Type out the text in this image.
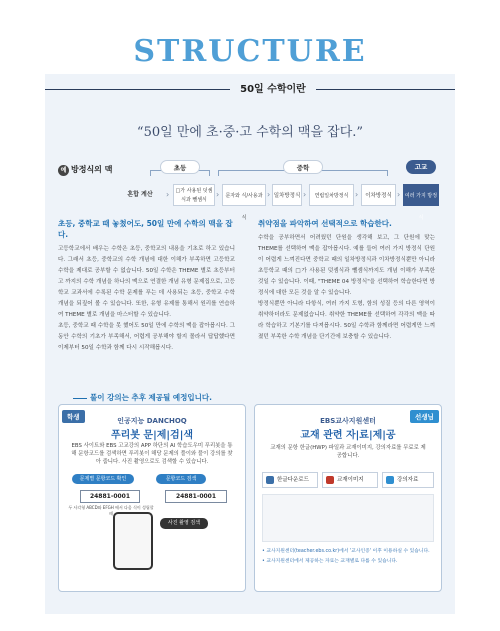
STRUCTURE
50일 수학이란
“50일 만에 초·중·고 수학의 맥을 잡다.”
예 방정식의 맥	초등	중학	고교
혼합 계산	›	□가 사용된 덧셈식과 뺄셈식
›	문자와 식/사용과 식
› 일차방정식 ›	연립일차방정식 ›	이차방정식 › 여러 가지 방정식
초등, 중학교 때 놓쳤어도, 50일 만에 수학의 맥을 잡다.

고등학교에서 배우는 수학은 초등, 중학교의 내용을 기초로 하고 있습니다. 그래서 초등, 중학교의 수학 개념에 대한 이해가 부족하면 고등학교 수학을 제대로 공부할 수 없습니다. 50일 수학은 THEME 별로 초등부터 고 까지의 수학 개념을 하나의 맥으로 연결한 개념 유형 문제집으로, 고등학교 교과서에 수록된 수학 문제를 푸는 데 사용되는 초등, 중학교 수학 개념을 되짚어 볼 수 있습니다. 또한, 유형 유제를 통해서 원리를 연습하여 THEME 별로 개념을 마스터할 수 있습니다.

초등, 중학교 때 수학을 못 했어도 50일 만에 수학의 맥을 잡아봅시다. 그동안 수학의 기초가 부족해서, 어렵게 공부해야 할지 몰라서 답답했다면 이제부터 50일 수학과 함께 다시 시작해봅시다.

취약점을 파악하여 선택적으로 학습한다.

수학을 공부하면서 어려웠던 단원을 생각해 보고, 그 단원에 맞는 THEME를 선택하여 맥을 잡아봅시다. 예를 들어 여러 가지 방정식 단원이 어렵게 느껴진다면 중학교 때의 일차방정식과 이차방정식뿐만 아니라 초등학교 때의 □가 사용된 덧셈식과 뺄셈식까지도 개념 이해가 부족한 것일 수 있습니다. 이때, "THEME 04 방정식"을 선택하여 학습한다면 방정식에 대한 모든 것을 알 수 있습니다.

방정식뿐만 아니라 다항식, 여러 가지 도형, 함의 성질 등의 다른 영역이 취약하더라도 문제없습니다. 취약한 THEME를 선택하여 각각의 맥을 따라 학습하고 기본기를 다져봅시다. 50일 수학과 함께라면 어렵게만 느껴졌던 부족한 수학 개념을 단기간에 보충할 수 있습니다.

풀이 강의는 추후 제공될 예정입니다.
학생	인공지능 DANCHOQ
푸리봇 문|제|검|색
EBS 사이트와 EBS 고교강의 APP 하단의 AI 학습도우미 푸리봇을 통해 문항코드를 검색하면 푸리봇이 해당 문제의 풀이와 풀이 강의를 찾아 줍니다. 사진 촬영으로도 검색할 수 있습니다.
문제별 문항코드 확인	문항코드 검색
24881-0001
두 사각형 ABCD와 EFGH 에서 다음 식이 성립할 때
24881-0001
사진 촬영 검색
선생님
EBS교사지원센터
교재 관련 자|료|제|공
교재의 문항 한글(HWP) 파일과 교재이미지, 강의자료를 무료로 제공합니다.
한글다운로드	교재이미지	강의자료
• 교사지원센터(teacher.ebs.co.kr)에서 '교사인증' 이후 이용하실 수 있습니다.
• 교사지원센터에서 제공하는 자료는 교재별로 다를 수 있습니다.
